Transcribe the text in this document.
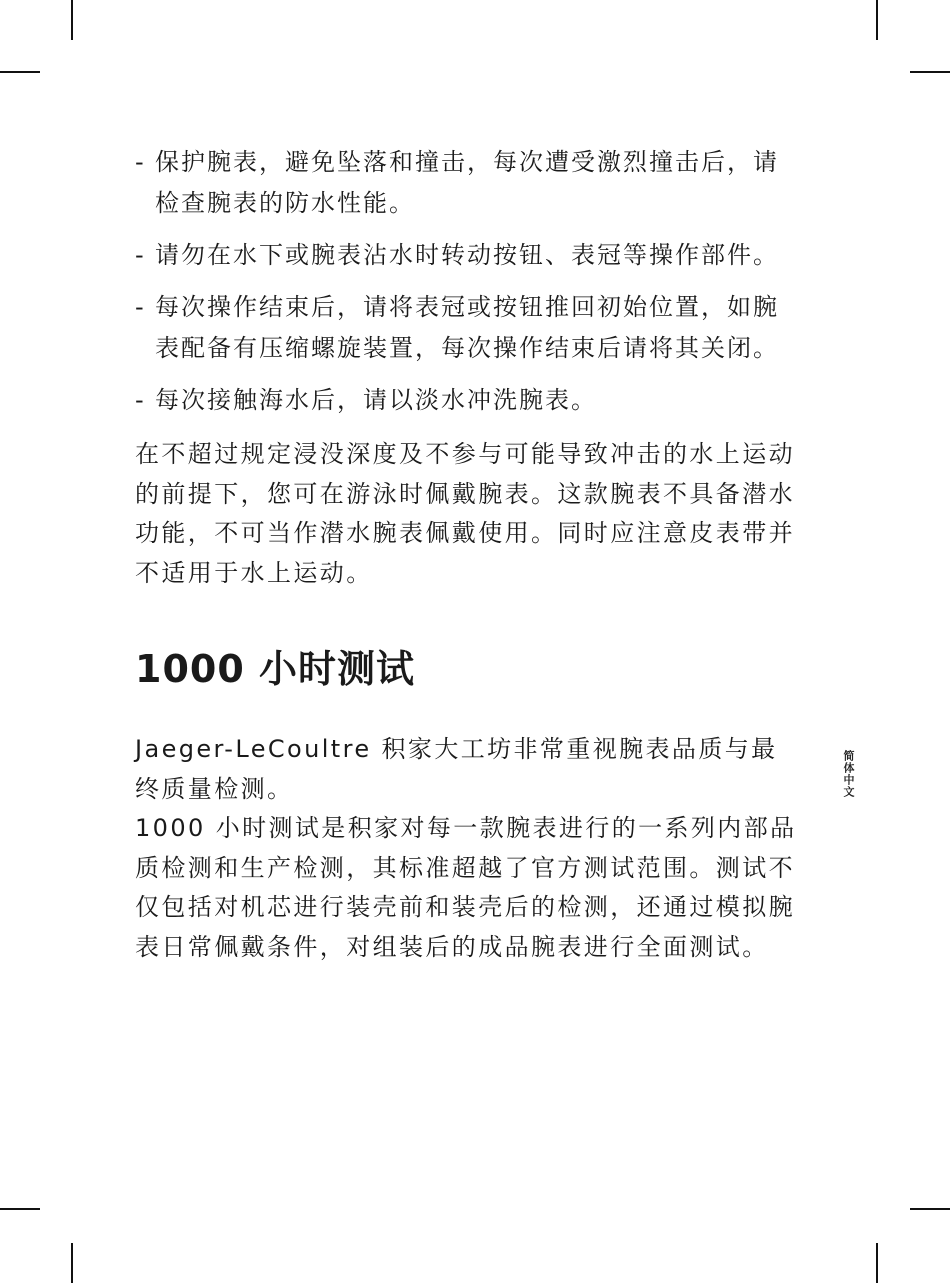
- 保护腕表，避免坠落和撞击，每次遭受激烈撞击后，请检查腕表的防水性能。
- 请勿在水下或腕表沾水时转动按钮、表冠等操作部件。
- 每次操作结束后，请将表冠或按钮推回初始位置，如腕表配备有压缩螺旋装置，每次操作结束后请将其关闭。
- 每次接触海水后，请以淡水冲洗腕表。

在不超过规定浸没深度及不参与可能导致冲击的水上运动的前提下，您可在游泳时佩戴腕表。这款腕表不具备潜水功能，不可当作潜水腕表佩戴使用。同时应注意皮表带并不适用于水上运动。

1000 小时测试

Jaeger-LeCoultre 积家大工坊非常重视腕表品质与最终质量检测。

1000 小时测试是积家对每一款腕表进行的一系列内部品质检测和生产检测，其标准超越了官方测试范围。测试不仅包括对机芯进行装壳前和装壳后的检测，还通过模拟腕表日常佩戴条件，对组装后的成品腕表进行全面测试。

简体中文
